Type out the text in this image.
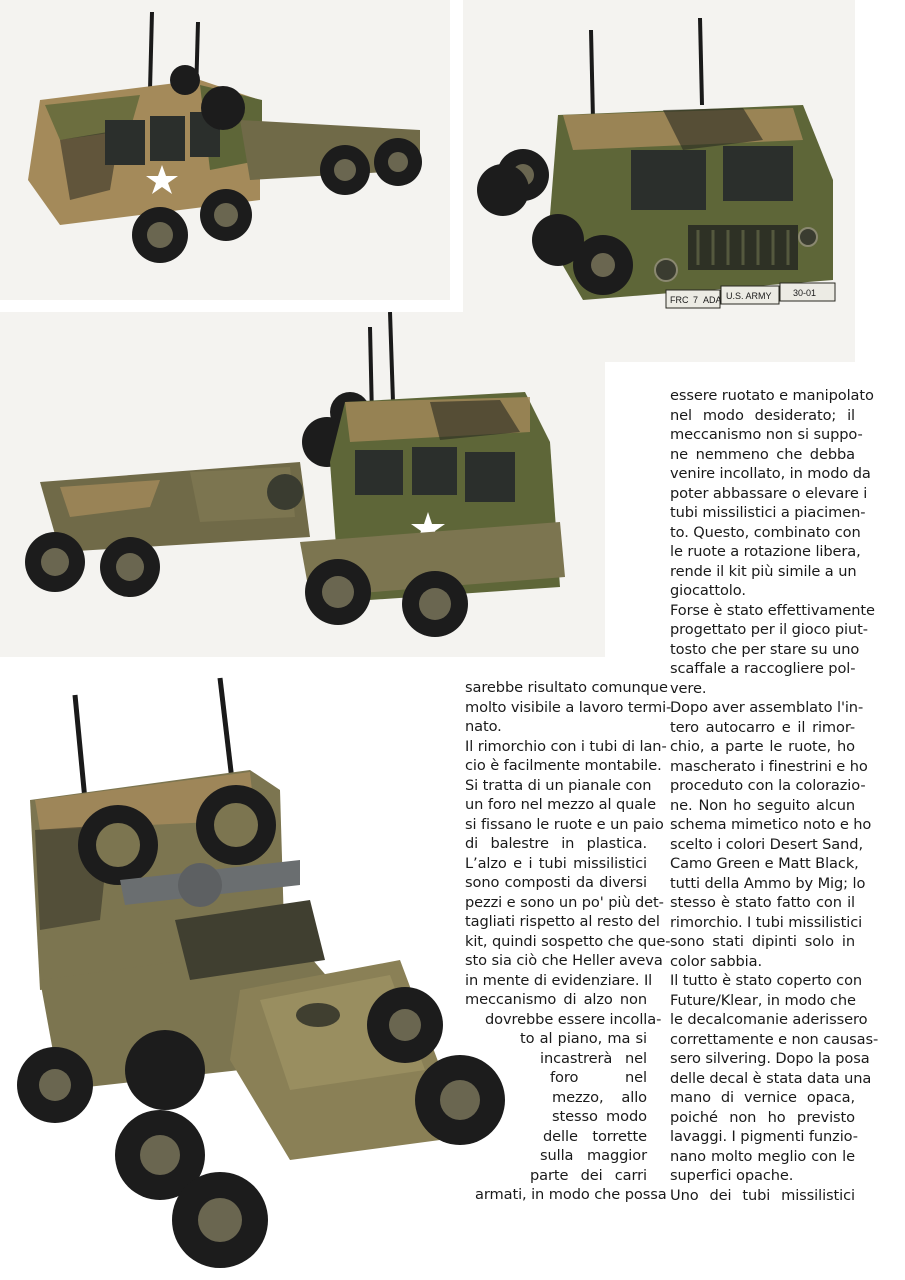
FRC 7 ADA U.S. ARMY 30-01
sarebbe risultato comunque
molto visibile a lavoro termi-
nato.
Il rimorchio con i tubi di lan-
cio è facilmente montabile.
Si tratta di un pianale con
un foro nel mezzo al quale
si fissano le ruote e un paio
di balestre in plastica.
L’alzo e i tubi missilistici
sono composti da diversi
pezzi e sono un po' più det-
tagliati rispetto al resto del
kit, quindi sospetto che que-
sto sia ciò che Heller aveva
in mente di evidenziare. Il
meccanismo di alzo non
dovrebbe essere incolla-
to al piano, ma si
incastrerà nel
foro nel
mezzo, allo
stesso modo
delle torrette
sulla maggior
parte dei carri
armati, in modo che possa
essere ruotato e manipolato
nel modo desiderato; il
meccanismo non si suppo-
ne nemmeno che debba
venire incollato, in modo da
poter abbassare o elevare i
tubi missilistici a piacimen-
to. Questo, combinato con
le ruote a rotazione libera,
rende il kit più simile a un
giocattolo.
Forse è stato effettivamente
progettato per il gioco piut-
tosto che per stare su uno
scaffale a raccogliere pol-
vere.
Dopo aver assemblato l'in-
tero autocarro e il rimor-
chio, a parte le ruote, ho
mascherato i finestrini e ho
proceduto con la colorazio-
ne. Non ho seguito alcun
schema mimetico noto e ho
scelto i colori Desert Sand,
Camo Green e Matt Black,
tutti della Ammo by Mig; lo
stesso è stato fatto con il
rimorchio. I tubi missilistici
sono stati dipinti solo in
color sabbia.
Il tutto è stato coperto con
Future/Klear, in modo che
le decalcomanie aderissero
correttamente e non causas-
sero silvering. Dopo la posa
delle decal è stata data una
mano di vernice opaca,
poiché non ho previsto
lavaggi. I pigmenti funzio-
nano molto meglio con le
superfici opache.
Uno dei tubi missilistici
